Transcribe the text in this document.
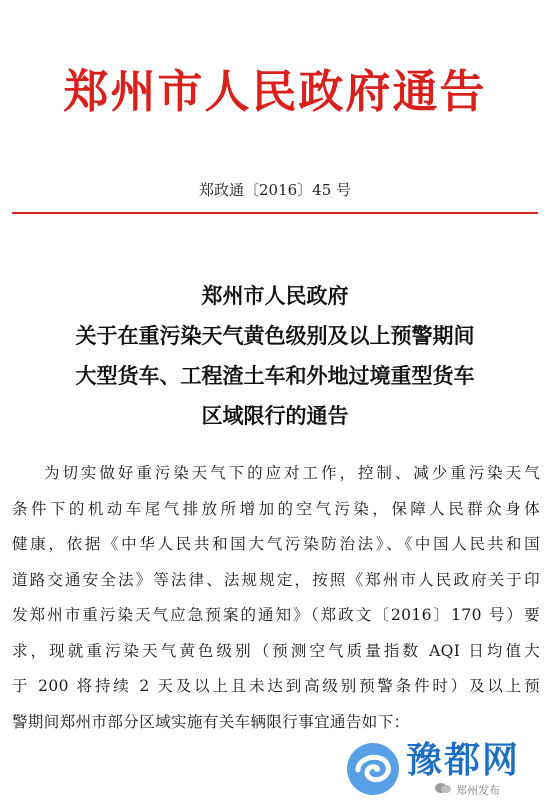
郑州市人民政府通告
郑政通〔2016〕45 号
郑州市人民政府
关于在重污染天气黄色级别及以上预警期间
大型货车、工程渣土车和外地过境重型货车
区域限行的通告
为切实做好重污染天气下的应对工作，控制、减少重污染天气
条件下的机动车尾气排放所增加的空气污染，保障人民群众身体
健康，依据《中华人民共和国大气污染防治法》、《中国人民共和国
道路交通安全法》等法律、法规规定，按照《郑州市人民政府关于印
发郑州市重污染天气应急预案的通知》（郑政文〔2016〕170 号）要
求，现就重污染天气黄色级别（预测空气质量指数 AQI 日均值大
于 200 将持续 2 天及以上且未达到高级别预警条件时）及以上预
警期间郑州市部分区域实施有关车辆限行事宜通告如下：
豫都网
郑州发布
